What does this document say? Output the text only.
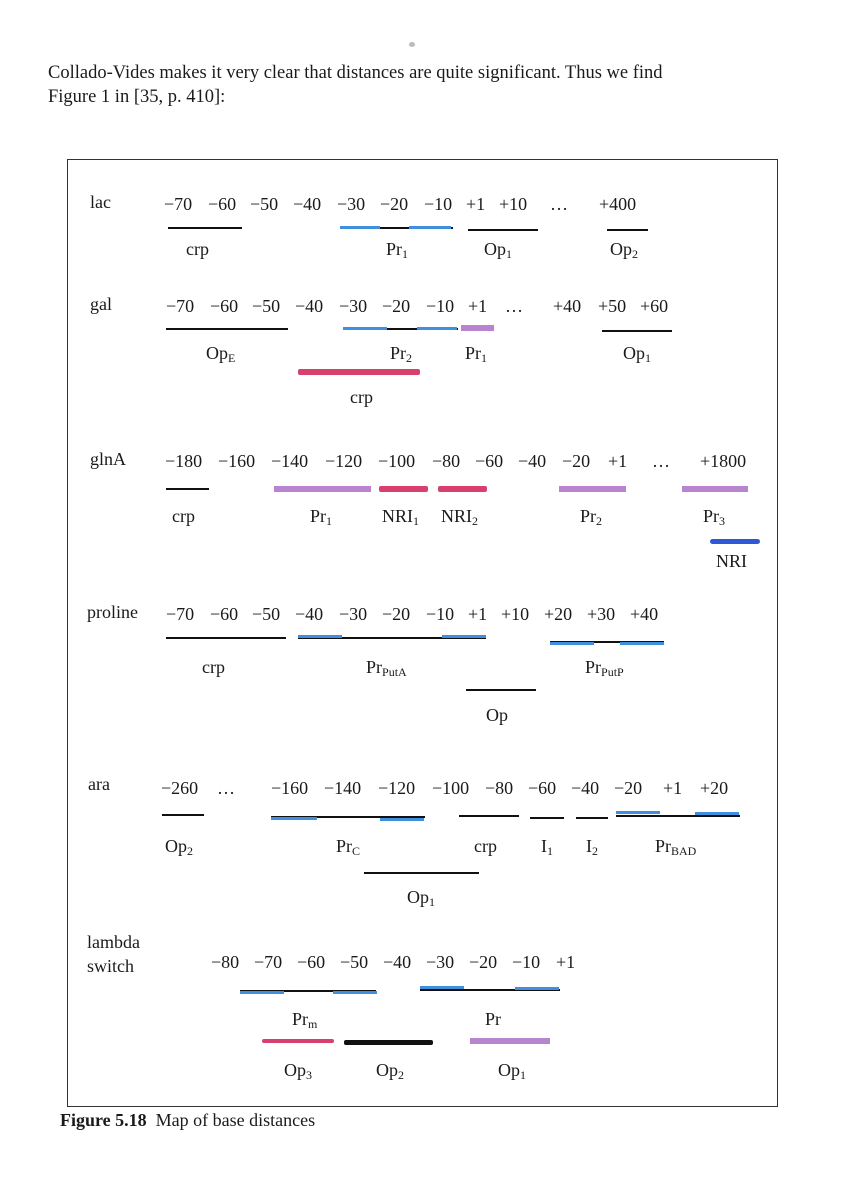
Collado-Vides makes it very clear that distances are quite significant. Thus we find
Figure 1 in [35, p. 410]:
lac	−70 −60 −50 −40 −30 −20 −10 +1 +10 … +400
crp	$Pr_1$	$Op_1$	$Op_2$
gal	−70 −60 −50 −40 −30 −20 −10 +1 … +40 +50 +60
$Op_E$	$Pr_2$	$Pr_1$	$Op_1$
crp
glnA −180 −160 −140 −120 −100 −80 −60 −40 −20 +1 … +1800
crp	$Pr_1$	$NRI_1$ $NRI_2$	$Pr_2$	$Pr_3$
NRI
proline −70 −60 −50 −40 −30 −20 −10 +1 +10 +20 +30 +40
crp	$Pr_{PutA}$	$Pr_{PutP}$
Op
ara	−260 … −160 −140 −120 −100 −80 −60 −40 −20 +1 +20
$Op_2$	$Pr_C$	crp $I_1$ $I_2$	$Pr_{BAD}$
$Op_1$
lambda
switch	−80 −70 −60 −50 −40 −30 −20 −10 +1
$Pr_m$	Pr
$Op_3$	$Op_2$	$Op_1$
Figure 5.18 Map of base distances
